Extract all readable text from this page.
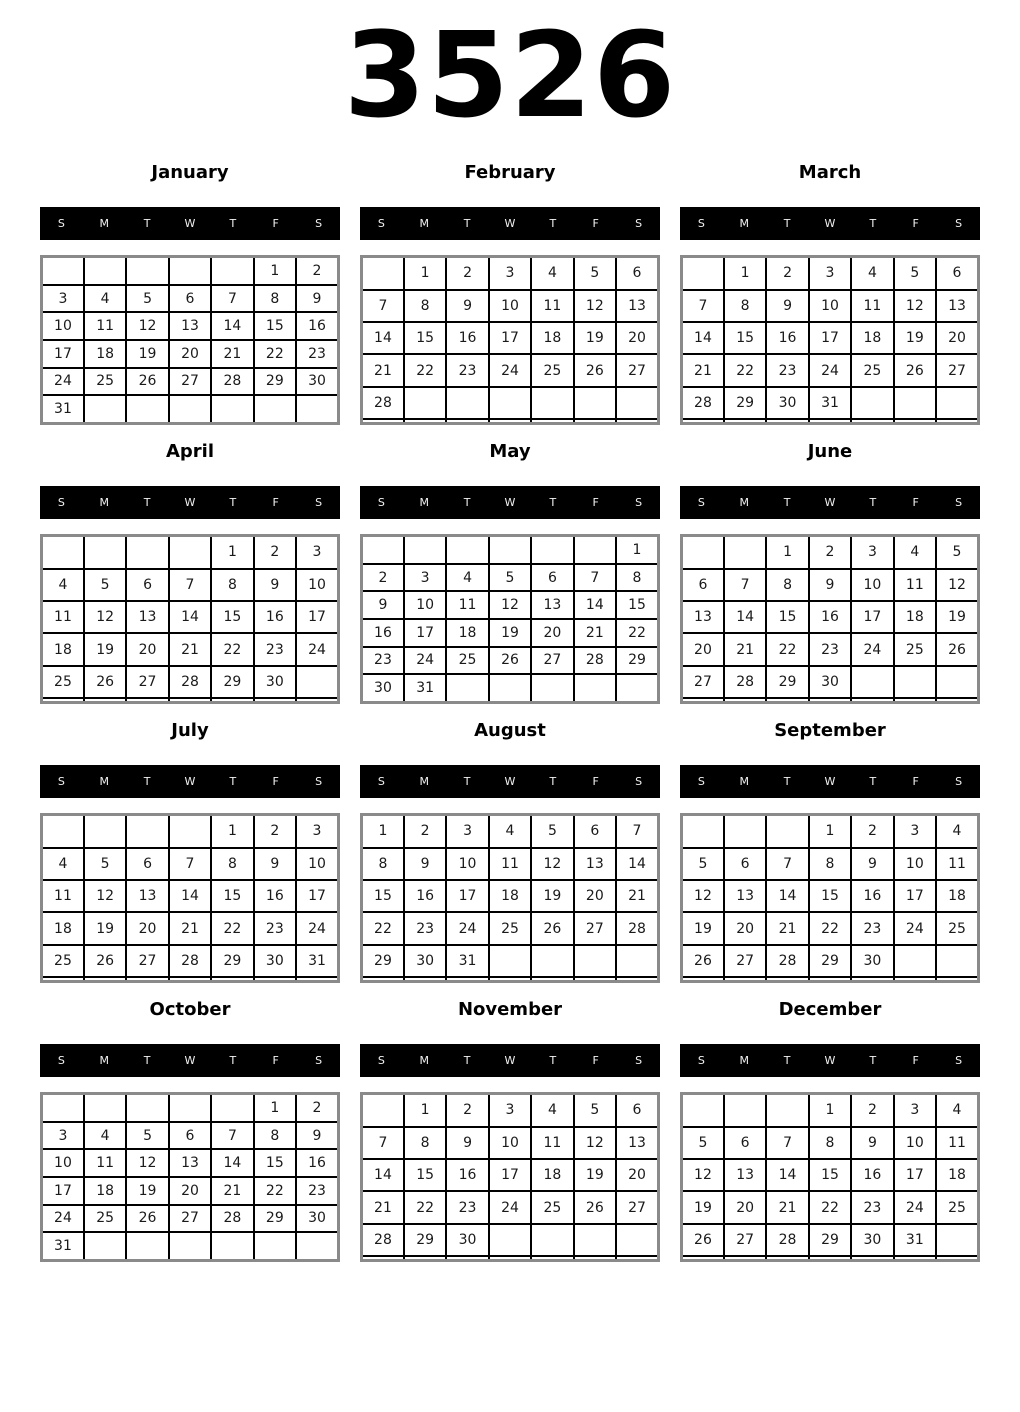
3526
January
S	M	T	W	T	F	S
					1	2
3	4	5	6	7	8	9
10	11	12	13	14	15	16
17	18	19	20	21	22	23
24	25	26	27	28	29	30
31						
February
S	M	T	W	T	F	S
	1	2	3	4	5	6
7	8	9	10	11	12	13
14	15	16	17	18	19	20
21	22	23	24	25	26	27
28						

March
S	M	T	W	T	F	S
	1	2	3	4	5	6
7	8	9	10	11	12	13
14	15	16	17	18	19	20
21	22	23	24	25	26	27
28	29	30	31			

April
S	M	T	W	T	F	S
				1	2	3
4	5	6	7	8	9	10
11	12	13	14	15	16	17
18	19	20	21	22	23	24
25	26	27	28	29	30	

May
S	M	T	W	T	F	S
						1
2	3	4	5	6	7	8
9	10	11	12	13	14	15
16	17	18	19	20	21	22
23	24	25	26	27	28	29
30	31					
June
S	M	T	W	T	F	S
		1	2	3	4	5
6	7	8	9	10	11	12
13	14	15	16	17	18	19
20	21	22	23	24	25	26
27	28	29	30			

July
S	M	T	W	T	F	S
				1	2	3
4	5	6	7	8	9	10
11	12	13	14	15	16	17
18	19	20	21	22	23	24
25	26	27	28	29	30	31

August
S	M	T	W	T	F	S
1	2	3	4	5	6	7
8	9	10	11	12	13	14
15	16	17	18	19	20	21
22	23	24	25	26	27	28
29	30	31				

September
S	M	T	W	T	F	S
			1	2	3	4
5	6	7	8	9	10	11
12	13	14	15	16	17	18
19	20	21	22	23	24	25
26	27	28	29	30		

October
S	M	T	W	T	F	S
					1	2
3	4	5	6	7	8	9
10	11	12	13	14	15	16
17	18	19	20	21	22	23
24	25	26	27	28	29	30
31						
November
S	M	T	W	T	F	S
	1	2	3	4	5	6
7	8	9	10	11	12	13
14	15	16	17	18	19	20
21	22	23	24	25	26	27
28	29	30				

December
S	M	T	W	T	F	S
			1	2	3	4
5	6	7	8	9	10	11
12	13	14	15	16	17	18
19	20	21	22	23	24	25
26	27	28	29	30	31	
